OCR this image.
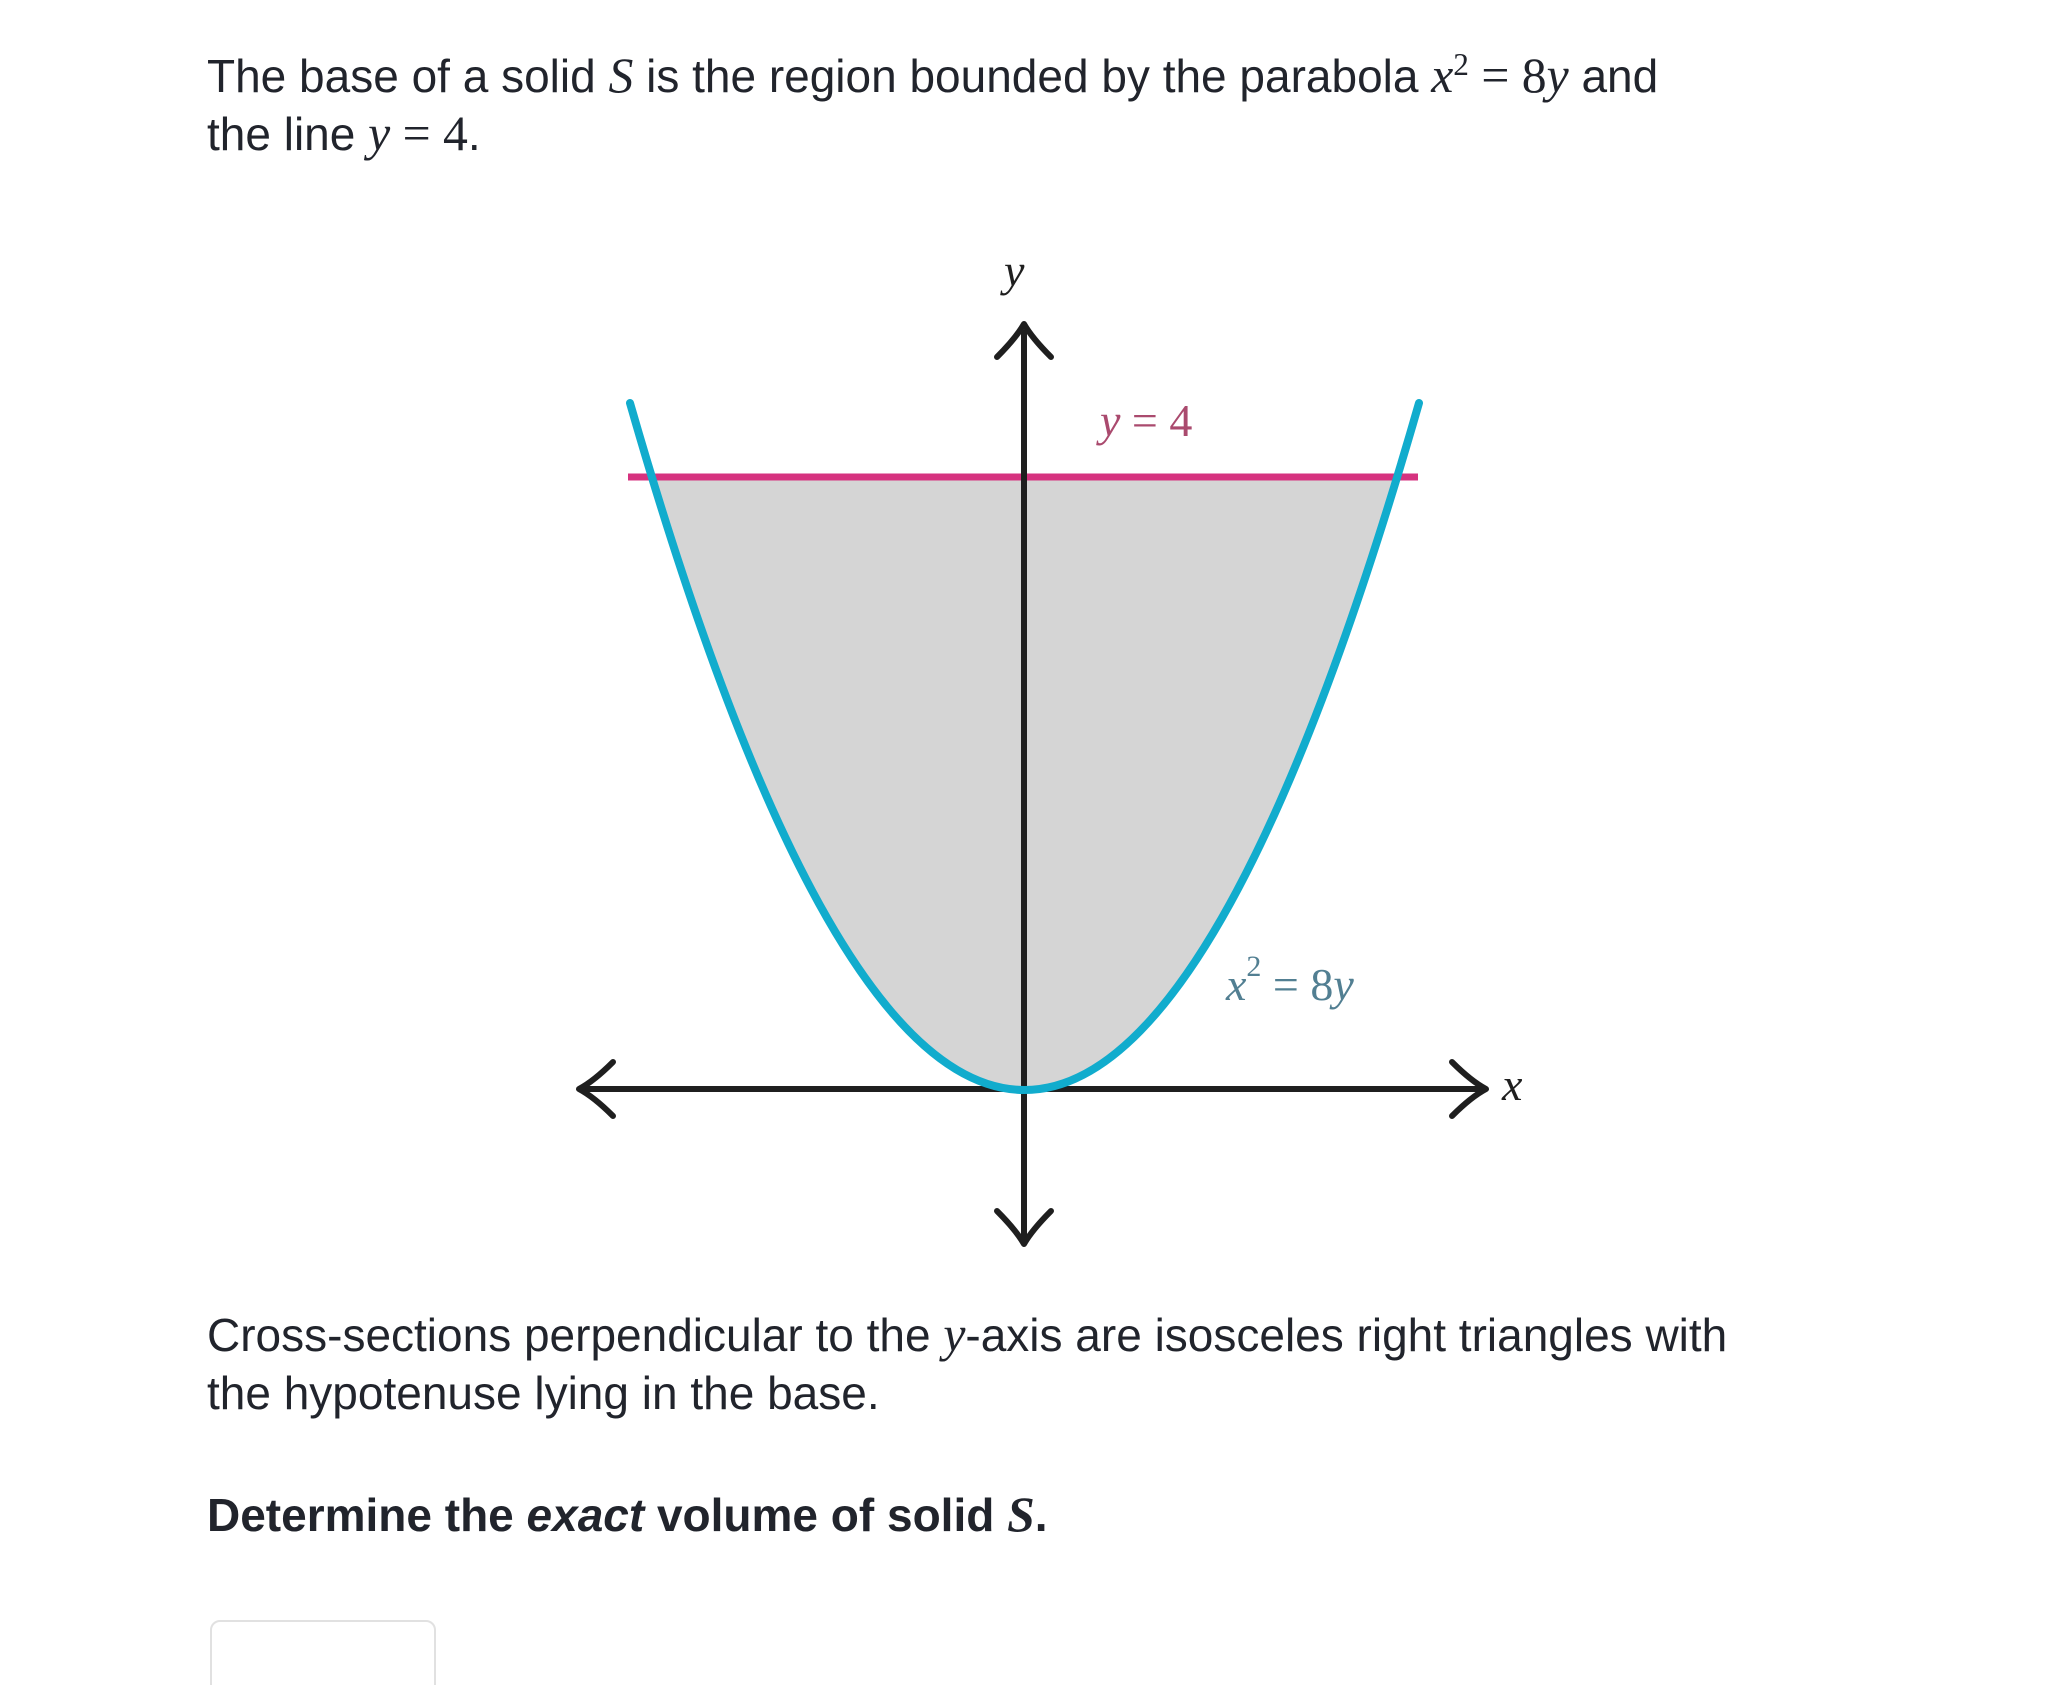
The base of a solid S is the region bounded by the parabola $x^2 = 8y$ and
the line y = 4.
y
x
y = 4
$x^2 = 8y$
Cross-sections perpendicular to the y-axis are isosceles right triangles with
the hypotenuse lying in the base.
Determine the exact volume of solid S.
